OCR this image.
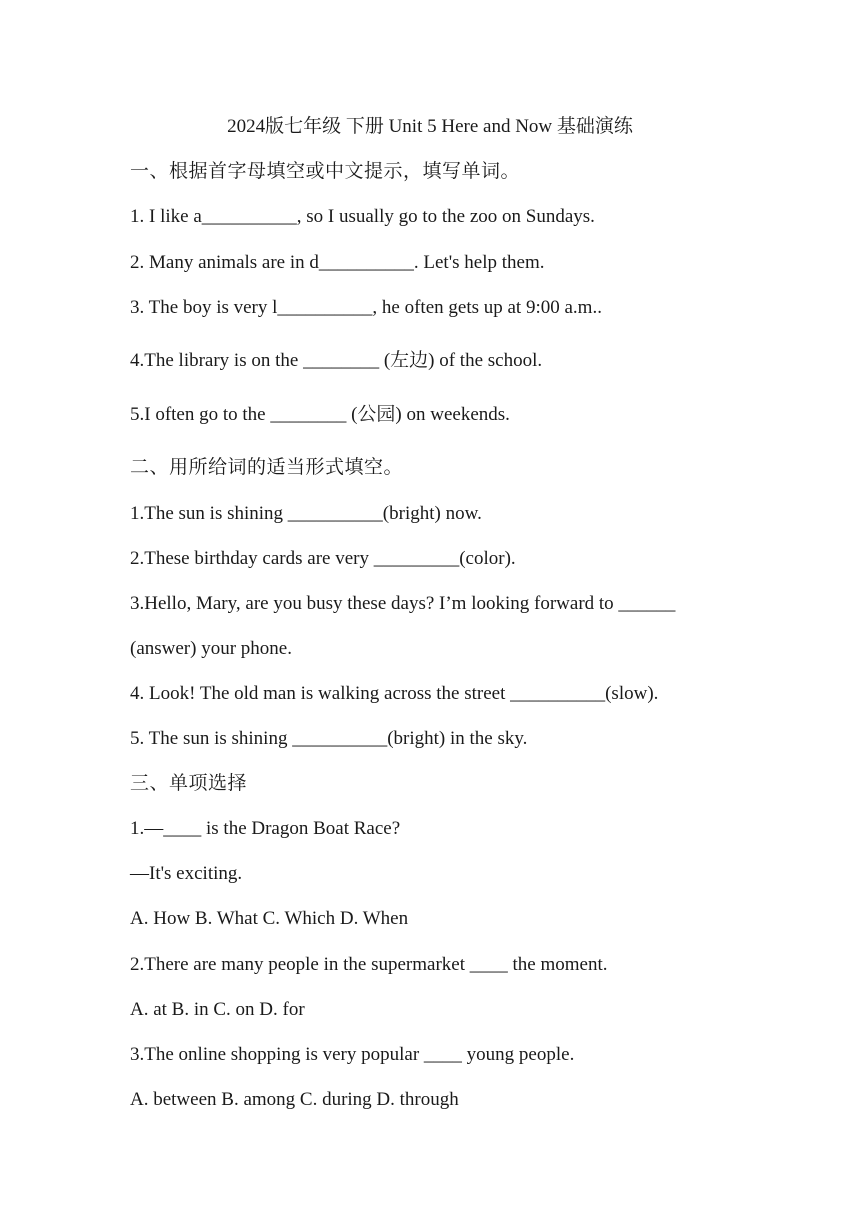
2024版七年级 下册 Unit 5 Here and Now 基础演练
一、根据首字母填空或中文提示，填写单词。
1. I like a__________, so I usually go to the zoo on Sundays.
2. Many animals are in d__________. Let's help them.
3. The boy is very l__________, he often gets up at 9:00 a.m..
4.The library is on the ________ (左边) of the school.
5.I often go to the ________ (公园) on weekends.
二、用所给词的适当形式填空。
1.The sun is shining __________(bright) now.
2.These birthday cards are very _________(color).
3.Hello, Mary, are you busy these days? I’m looking forward to ______
(answer) your phone.
4. Look! The old man is walking across the street __________(slow).
5. The sun is shining __________(bright) in the sky.
三、单项选择
1.—____ is the Dragon Boat Race?
—It's exciting.
A. How B. What C. Which D. When
2.There are many people in the supermarket ____ the moment.
A. at B. in C. on D. for
3.The online shopping is very popular ____ young people.
A. between B. among C. during D. through
